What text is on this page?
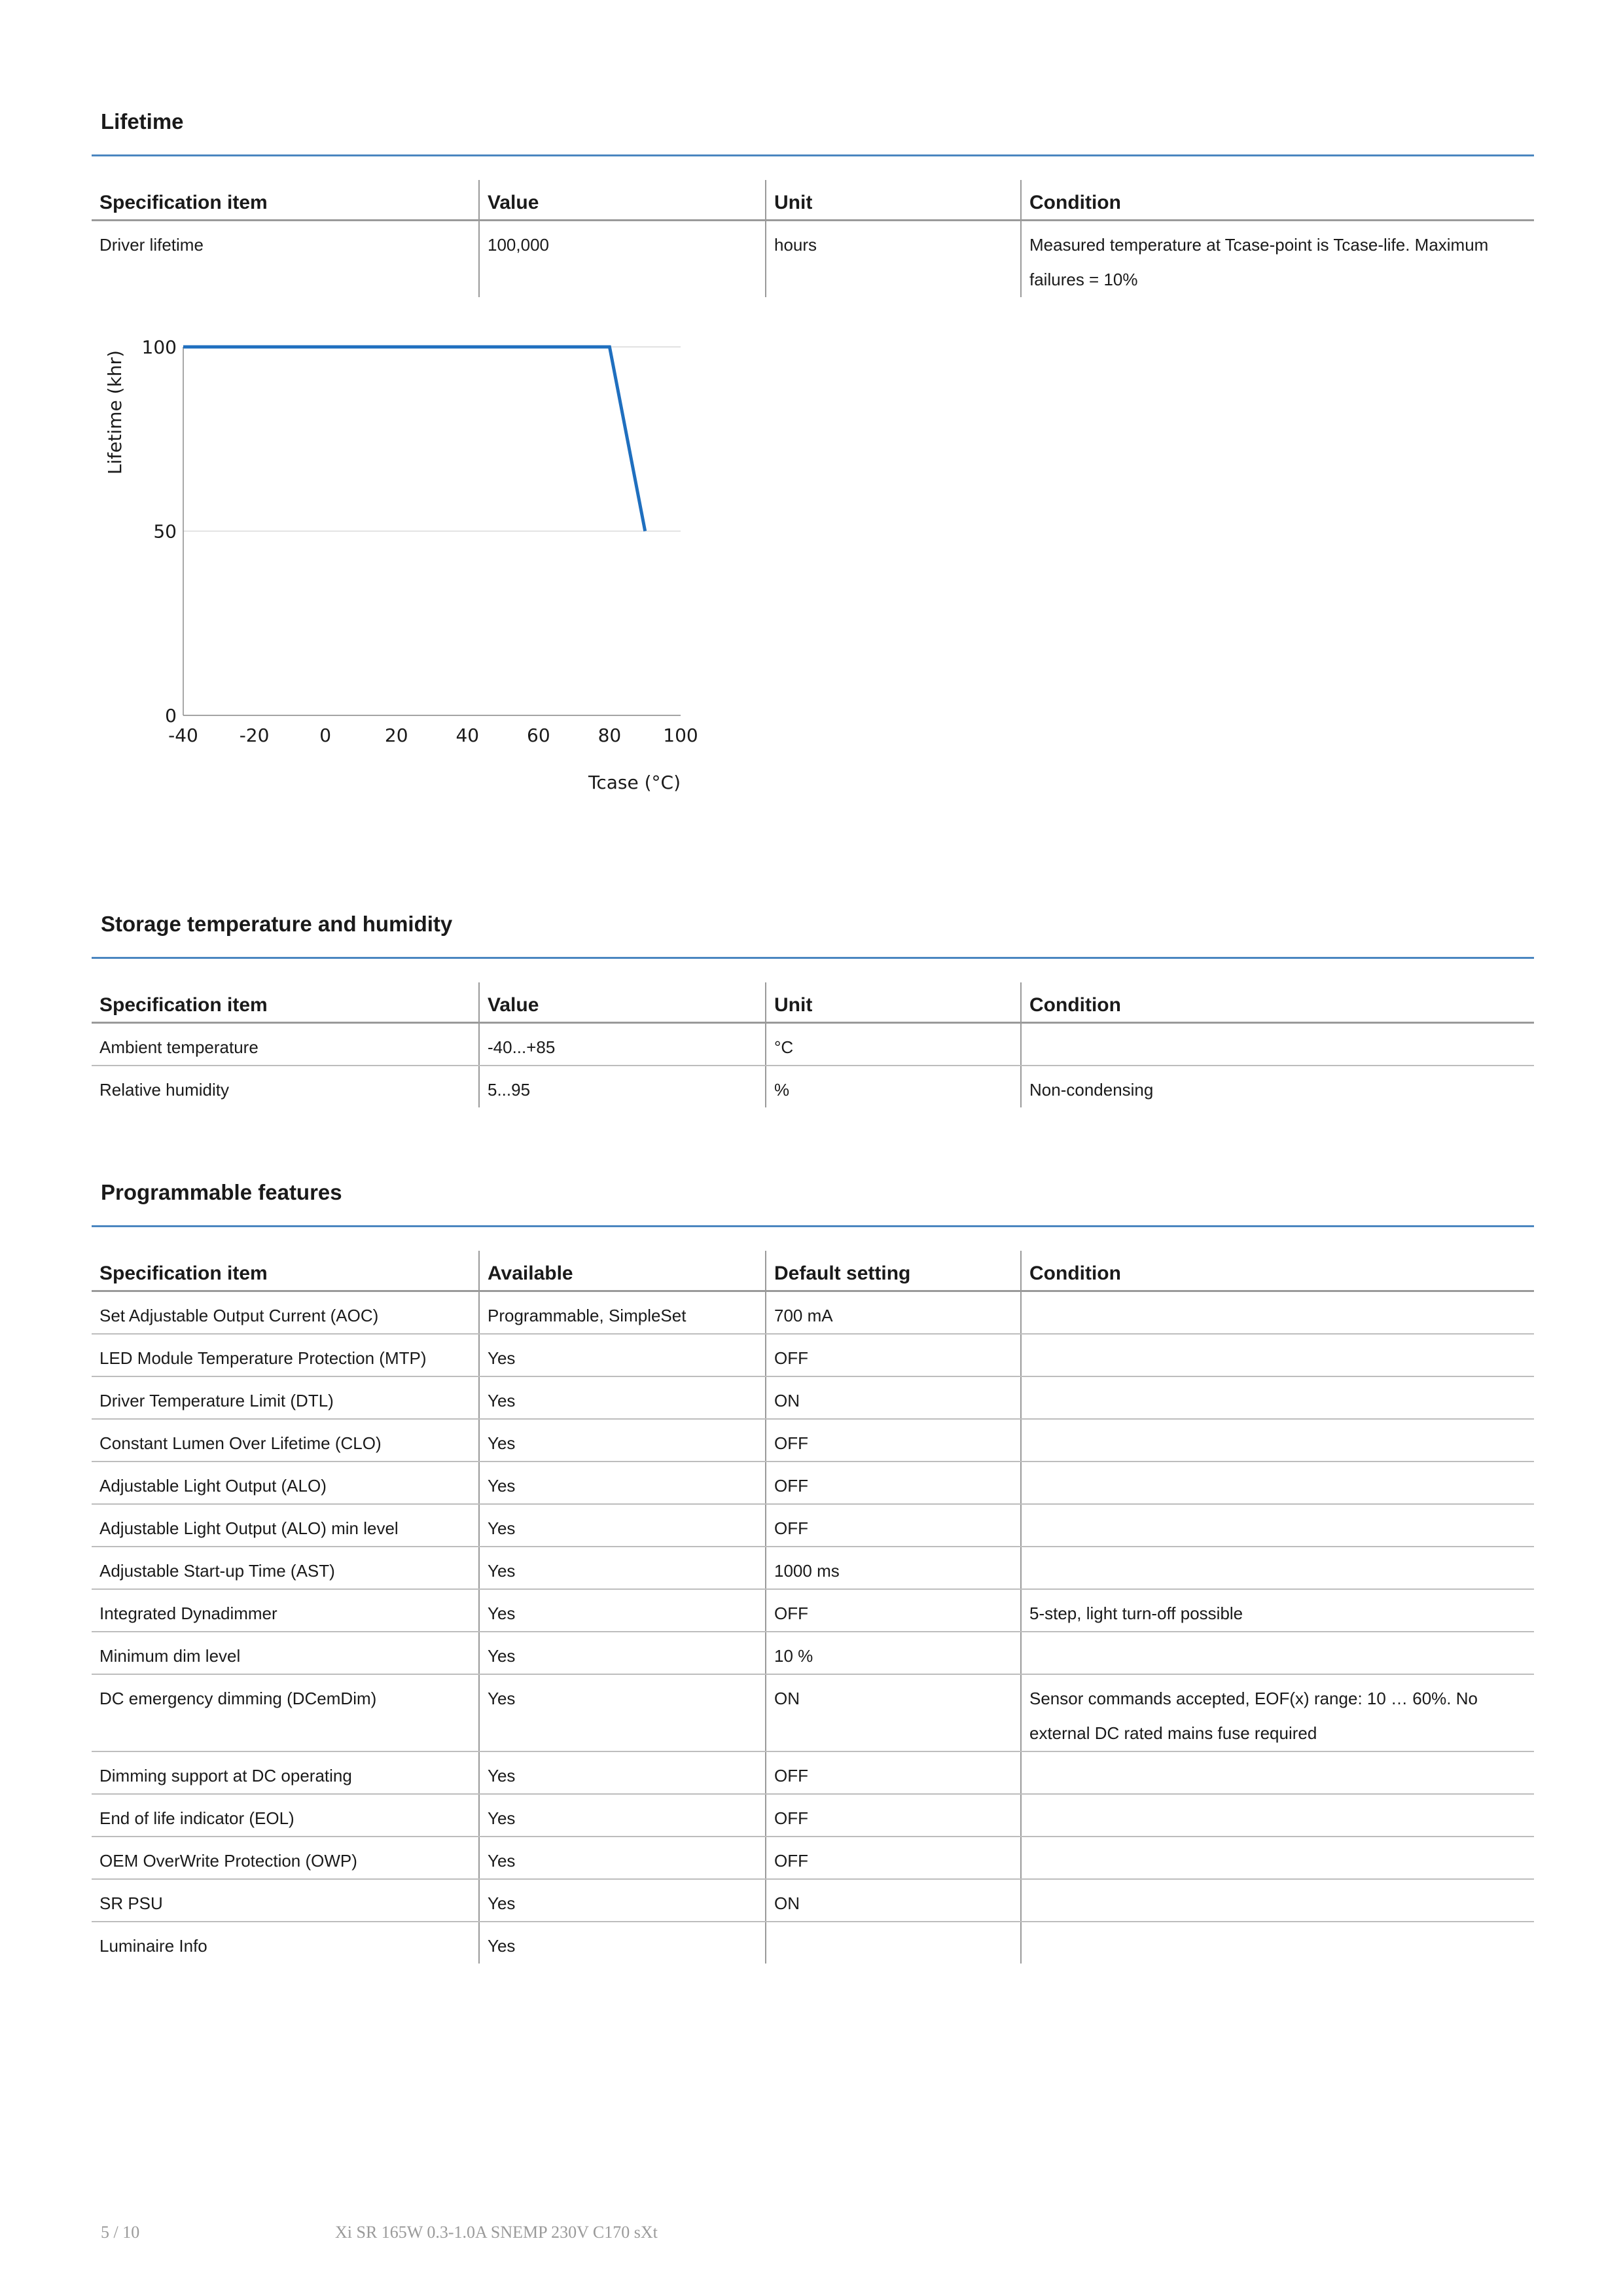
Lifetime
Specification item	Value	Unit	Condition
Driver lifetime	100,000	hours	Measured temperature at Tcase-point is Tcase-life. Maximum failures = 10%
0
50
100
-40 -20	0	20	40	60	80 100
Lifetime (khr)
Tcase (°C)
Storage temperature and humidity
Specification item	Value	Unit	Condition
Ambient temperature	-40...+85	°C	
Relative humidity	5...95	%	Non-condensing
Programmable features
Specification item	Available	Default setting	Condition
Set Adjustable Output Current (AOC)	Programmable, SimpleSet	700 mA	
LED Module Temperature Protection (MTP)	Yes	OFF	
Driver Temperature Limit (DTL)	Yes	ON	
Constant Lumen Over Lifetime (CLO)	Yes	OFF	
Adjustable Light Output (ALO)	Yes	OFF	
Adjustable Light Output (ALO) min level	Yes	OFF	
Adjustable Start-up Time (AST)	Yes	1000 ms	
Integrated Dynadimmer	Yes	OFF	5-step, light turn-off possible
Minimum dim level	Yes	10 %	
DC emergency dimming (DCemDim)	Yes	ON	Sensor commands accepted, EOF(x) range: 10 … 60%. No external DC rated mains fuse required
Dimming support at DC operating	Yes	OFF	
End of life indicator (EOL)	Yes	OFF	
OEM OverWrite Protection (OWP)	Yes	OFF	
SR PSU	Yes	ON	
Luminaire Info	Yes		
5 / 10	Xi SR 165W 0.3-1.0A SNEMP 230V C170 sXt
